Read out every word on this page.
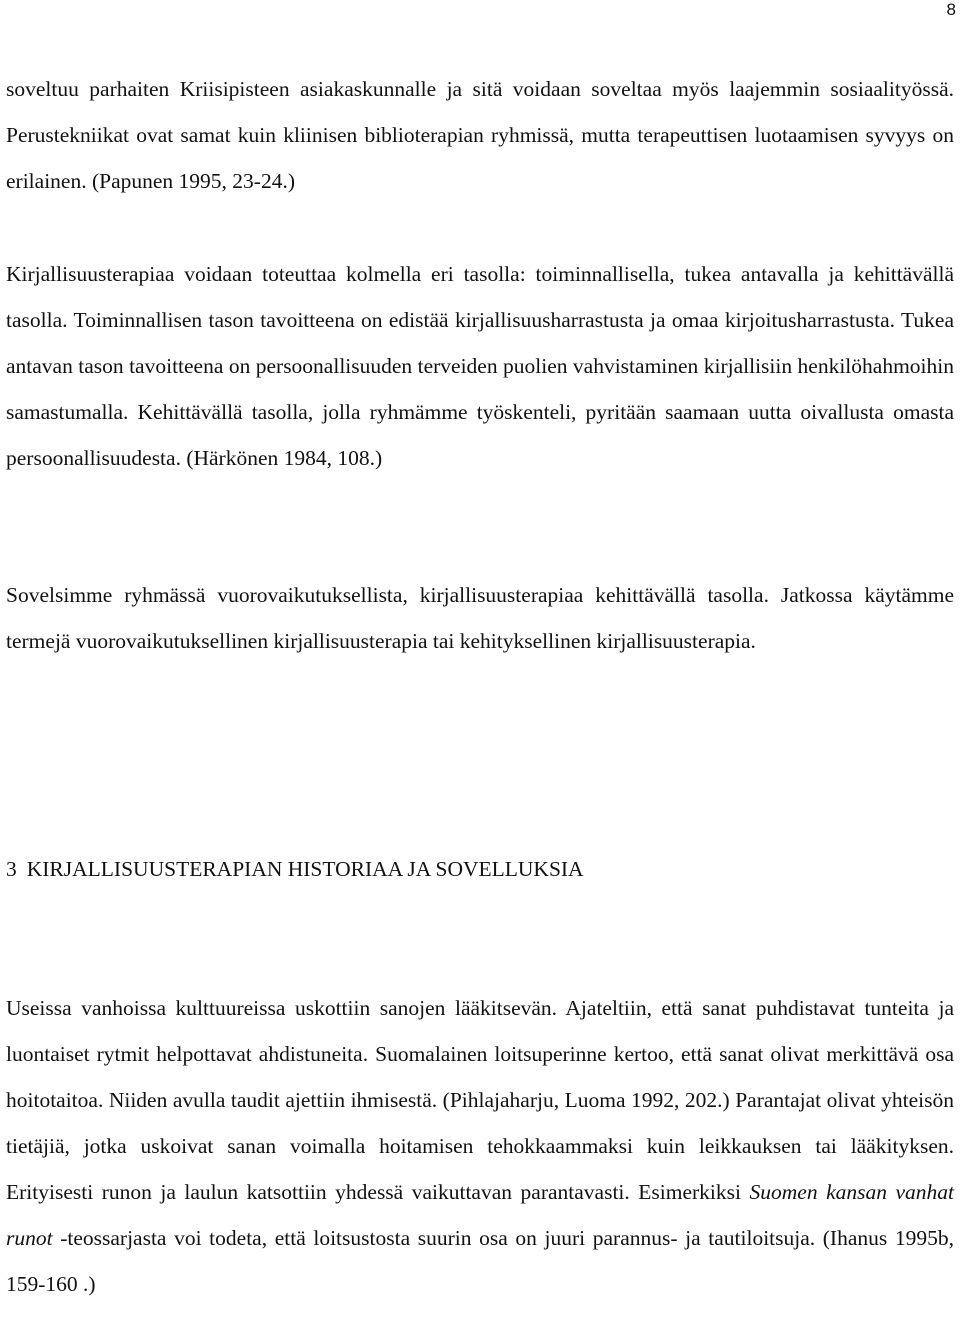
8

soveltuu parhaiten Kriisipisteen asiakaskunnalle ja sitä voidaan soveltaa myös laajemmin sosiaalityössä. Perustekniikat ovat samat kuin kliinisen biblioterapian ryhmissä, mutta terapeuttisen luotaamisen syvyys on erilainen. (Papunen 1995, 23-24.)

Kirjallisuusterapiaa voidaan toteuttaa kolmella eri tasolla: toiminnallisella, tukea antavalla ja kehittävällä tasolla. Toiminnallisen tason tavoitteena on edistää kirjallisuusharrastusta ja omaa kirjoitusharrastusta. Tukea antavan tason tavoitteena on persoonallisuuden terveiden puolien vahvistaminen kirjallisiin henkilöhahmoihin samastumalla. Kehittävällä tasolla, jolla ryhmämme työskenteli, pyritään saamaan uutta oivallusta omasta persoonallisuudesta. (Härkönen 1984, 108.)

Sovelsimme ryhmässä vuorovaikutuksellista, kirjallisuusterapiaa kehittävällä tasolla. Jatkossa käytämme termejä vuorovaikutuksellinen kirjallisuusterapia tai kehityksellinen kirjallisuusterapia.

3 KIRJALLISUUSTERAPIAN HISTORIAA JA SOVELLUKSIA

Useissa vanhoissa kulttuureissa uskottiin sanojen lääkitsevän. Ajateltiin, että sanat puhdistavat tunteita ja luontaiset rytmit helpottavat ahdistuneita. Suomalainen loitsuperinne kertoo, että sanat olivat merkittävä osa hoitotaitoa. Niiden avulla taudit ajettiin ihmisestä. (Pihlajaharju, Luoma 1992, 202.) Parantajat olivat yhteisön tietäjiä, jotka uskoivat sanan voimalla hoitamisen tehokkaammaksi kuin leikkauksen tai lääkityksen. Erityisesti runon ja laulun katsottiin yhdessä vaikuttavan parantavasti. Esimerkiksi Suomen kansan vanhat runot -teossarjasta voi todeta, että loitsustosta suurin osa on juuri parannus- ja tautiloitsuja. (Ihanus 1995b, 159-160 .)
